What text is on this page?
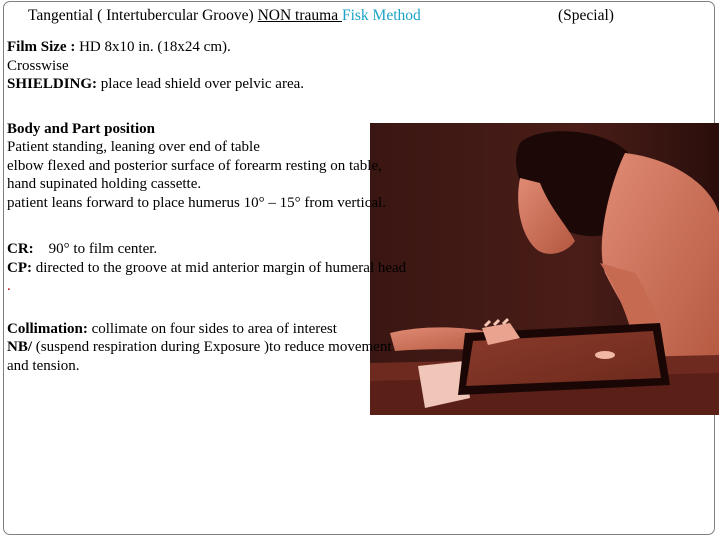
Tangential ( Intertubercular Groove) NON trauma Fisk Method	(Special)

Film Size : HD 8x10 in. (18x24 cm).

Crosswise

SHIELDING: place lead shield over pelvic area.

Body and Part position

Patient standing, leaning over end of table

elbow flexed and posterior surface of forearm resting on table, hand supinated holding cassette.

patient leans forward to place humerus 10° – 15° from vertical.

CR: 90° to film center.

CP: directed to the groove at mid anterior margin of humeral head .

Collimation: collimate on four sides to area of interest

NB/ (suspend respiration during Exposure )to reduce movement and tension.
